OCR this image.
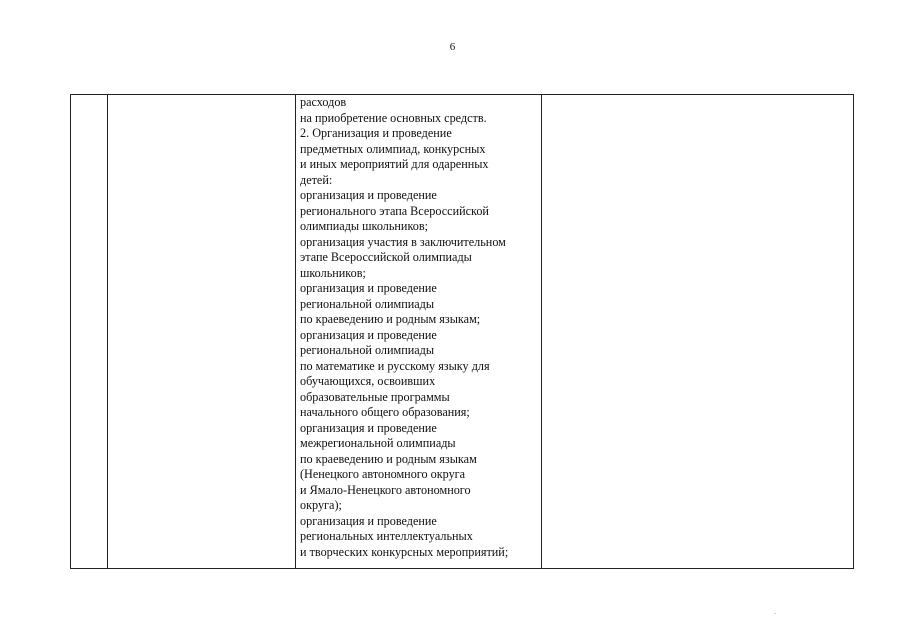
6

расходов
на приобретение основных средств.
2. Организация и проведение
предметных олимпиад, конкурсных
и иных мероприятий для одаренных
детей:
организация и проведение
регионального этапа Всероссийской
олимпиады школьников;
организация участия в заключительном
этапе Всероссийской олимпиады
школьников;
организация и проведение
региональной олимпиады
по краеведению и родным языкам;
организация и проведение
региональной олимпиады
по математике и русскому языку для
обучающихся, освоивших
образовательные программы
начального общего образования;
организация и проведение
межрегиональной олимпиады
по краеведению и родным языкам
(Ненецкого автономного округа
и Ямало-Ненецкого автономного
округа);
организация и проведение
региональных интеллектуальных
и творческих конкурсных мероприятий;
